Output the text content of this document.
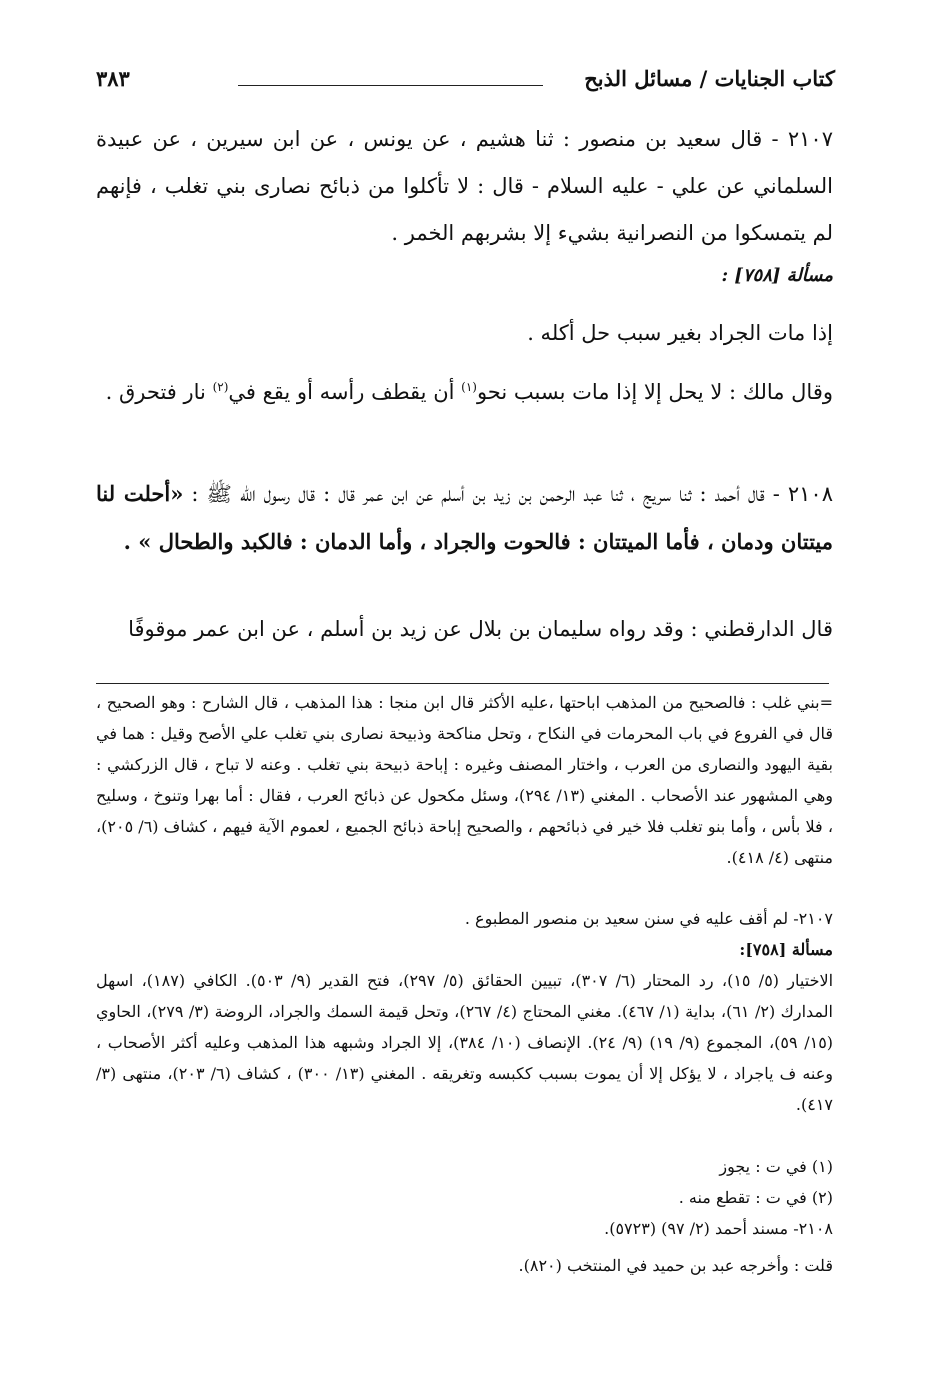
كتاب الجنايات / مسائل الذبح
٣٨٣

٢١٠٧ - قال سعيد بن منصور : ثنا هشيم ، عن يونس ، عن ابن سيرين ، عن عبيدة السلماني عن علي - عليه السلام - قال : لا تأكلوا من ذبائح نصارى بني تغلب ، فإنهم لم يتمسكوا من النصرانية بشيء إلا بشربهم الخمر .

مسألة [٧٥٨] :

إذا مات الجراد بغير سبب حل أكله .

وقال مالك : لا يحل إلا إذا مات بسبب نحو$^{(١)}$ أن يقطف رأسه أو يقع في$^{(٢)}$ نار فتحرق .

٢١٠٨ - قال أحمد : ثنا سريج ، ثنا عبد الرحمن بن زيد بن أسلم عن ابن عمر قال : قال رسول الله ﷺ : «أحلت لنا ميتتان ودمان ، فأما الميتتان : فالحوت والجراد ، وأما الدمان : فالكبد والطحال » .

قال الدارقطني : وقد رواه سليمان بن بلال عن زيد بن أسلم ، عن ابن عمر موقوفًا

=بني غلب : فالصحيح من المذهب اباحتها ،عليه الأكثر قال ابن منجا : هذا المذهب ، قال الشارح : وهو الصحيح ، قال في الفروع في باب المحرمات في النكاح ، وتحل مناكحة وذبيحة نصارى بني تغلب علي الأصح وقيل : هما في بقية اليهود والنصارى من العرب ، واختار المصنف وغيره : إباحة ذبيحة بني تغلب . وعنه لا تباح ، قال الزركشي : وهي المشهور عند الأصحاب . المغني (١٣/ ٢٩٤)، وسئل مكحول عن ذبائح العرب ، فقال : أما بهرا وتنوخ ، وسليح ، فلا بأس ، وأما بنو تغلب فلا خير في ذبائحهم ، والصحيح إباحة ذبائح الجميع ، لعموم الآية فيهم ، كشاف (٦/ ٢٠٥)، منتهى (٤/ ٤١٨).

٢١٠٧- لم أقف عليه في سنن سعيد بن منصور المطبوع .

مسألة [٧٥٨]:

الاختيار (٥/ ١٥)، رد المحتار (٦/ ٣٠٧)، تبيين الحقائق (٥/ ٢٩٧)، فتح القدير (٩/ ٥٠٣). الكافي (١٨٧)، اسهل المدارك (٢/ ٦١)، بداية (١/ ٤٦٧). مغني المحتاج (٤/ ٢٦٧)، وتحل قيمة السمك والجراد، الروضة (٣/ ٢٧٩)، الحاوي (١٥/ ٥٩)، المجموع (٩/ ١٩) (٩/ ٢٤). الإنصاف (١٠/ ٣٨٤)، إلا الجراد وشبهه هذا المذهب وعليه أكثر الأصحاب ، وعنه ف ياجراد ، لا يؤكل إلا أن يموت بسبب ككبسه وتغريقه . المغني (١٣/ ٣٠٠) ، كشاف (٦/ ٢٠٣)، منتهى (٣/ ٤١٧).

(١) في ت : يجوز

(٢) في ت : تقطع منه .

٢١٠٨- مسند أحمد (٢/ ٩٧) (٥٧٢٣).

قلت : وأخرجه عبد بن حميد في المنتخب (٨٢٠).
